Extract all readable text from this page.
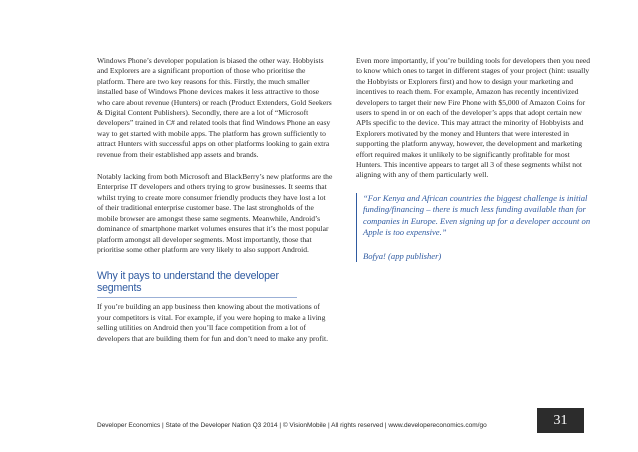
Windows Phone’s developer population is biased the other way. Hobbyists and Explorers are a significant proportion of those who prioritise the platform. There are two key reasons for this. Firstly, the much smaller installed base of Windows Phone devices makes it less attractive to those who care about revenue (Hunters) or reach (Product Extenders, Gold Seekers & Digital Content Publishers). Secondly, there are a lot of “Microsoft developers” trained in C# and related tools that find Windows Phone an easy way to get started with mobile apps. The platform has grown sufficiently to attract Hunters with successful apps on other platforms looking to gain extra revenue from their established app assets and brands.

Notably lacking from both Microsoft and BlackBerry’s new platforms are the Enterprise IT developers and others trying to grow businesses. It seems that whilst trying to create more consumer friendly products they have lost a lot of their traditional enterprise customer base. The last strongholds of the mobile browser are amongst these same segments. Meanwhile, Android’s dominance of smartphone market volumes ensures that it’s the most popular platform amongst all developer segments. Most importantly, those that prioritise some other platform are very likely to also support Android.

Why it pays to understand the developer segments

If you’re building an app business then knowing about the motivations of your competitors is vital. For example, if you were hoping to make a living selling utilities on Android then you’ll face competition from a lot of developers that are building them for fun and don’t need to make any profit.

Even more importantly, if you’re building tools for developers then you need to know which ones to target in different stages of your project (hint: usually the Hobbyists or Explorers first) and how to design your marketing and incentives to reach them. For example, Amazon has recently incentivized developers to target their new Fire Phone with $5,000 of Amazon Coins for users to spend in or on each of the developer’s apps that adopt certain new APIs specific to the device. This may attract the minority of Hobbyists and Explorers motivated by the money and Hunters that were interested in supporting the platform anyway, however, the development and marketing effort required makes it unlikely to be significantly profitable for most Hunters. This incentive appears to target all 3 of these segments whilst not aligning with any of them particularly well.

“For Kenya and African countries the biggest challenge is initial funding/financing – there is much less funding available than for companies in Europe. Even signing up for a developer account on Apple is too expensive.”

Bofya! (app publisher)

Developer Economics | State of the Developer Nation Q3 2014 | © VisionMobile | All rights reserved | www.developereconomics.com/go	31
